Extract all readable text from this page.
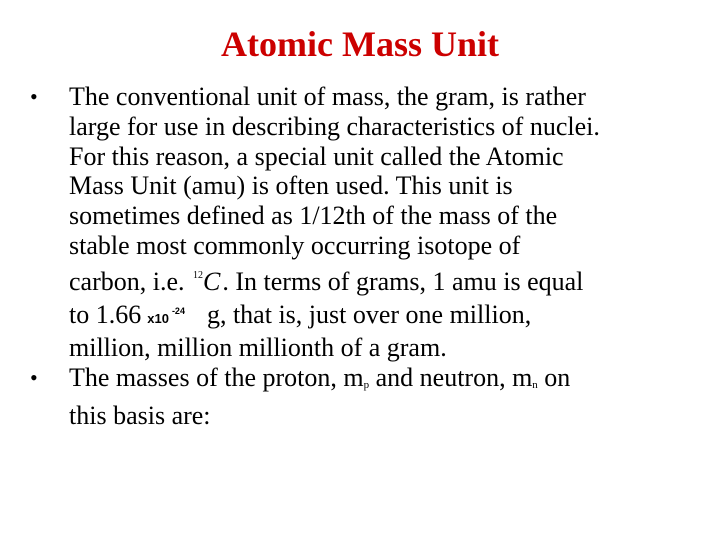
Atomic Mass Unit
• The conventional unit of mass, the gram, is rather
large for use in describing characteristics of nuclei.
For this reason, a special unit called the Atomic
Mass Unit (amu) is often used. This unit is
sometimes defined as 1/12th of the mass of the
stable most commonly occurring isotope of
carbon, i.e. $^{12}$C. In terms of grams, 1 amu is equal
to 1.66 x10 $^{-24}$ g, that is, just over one million,
million, million millionth of a gram.
• The masses of the proton, mp and neutron, mn on
this basis are:
